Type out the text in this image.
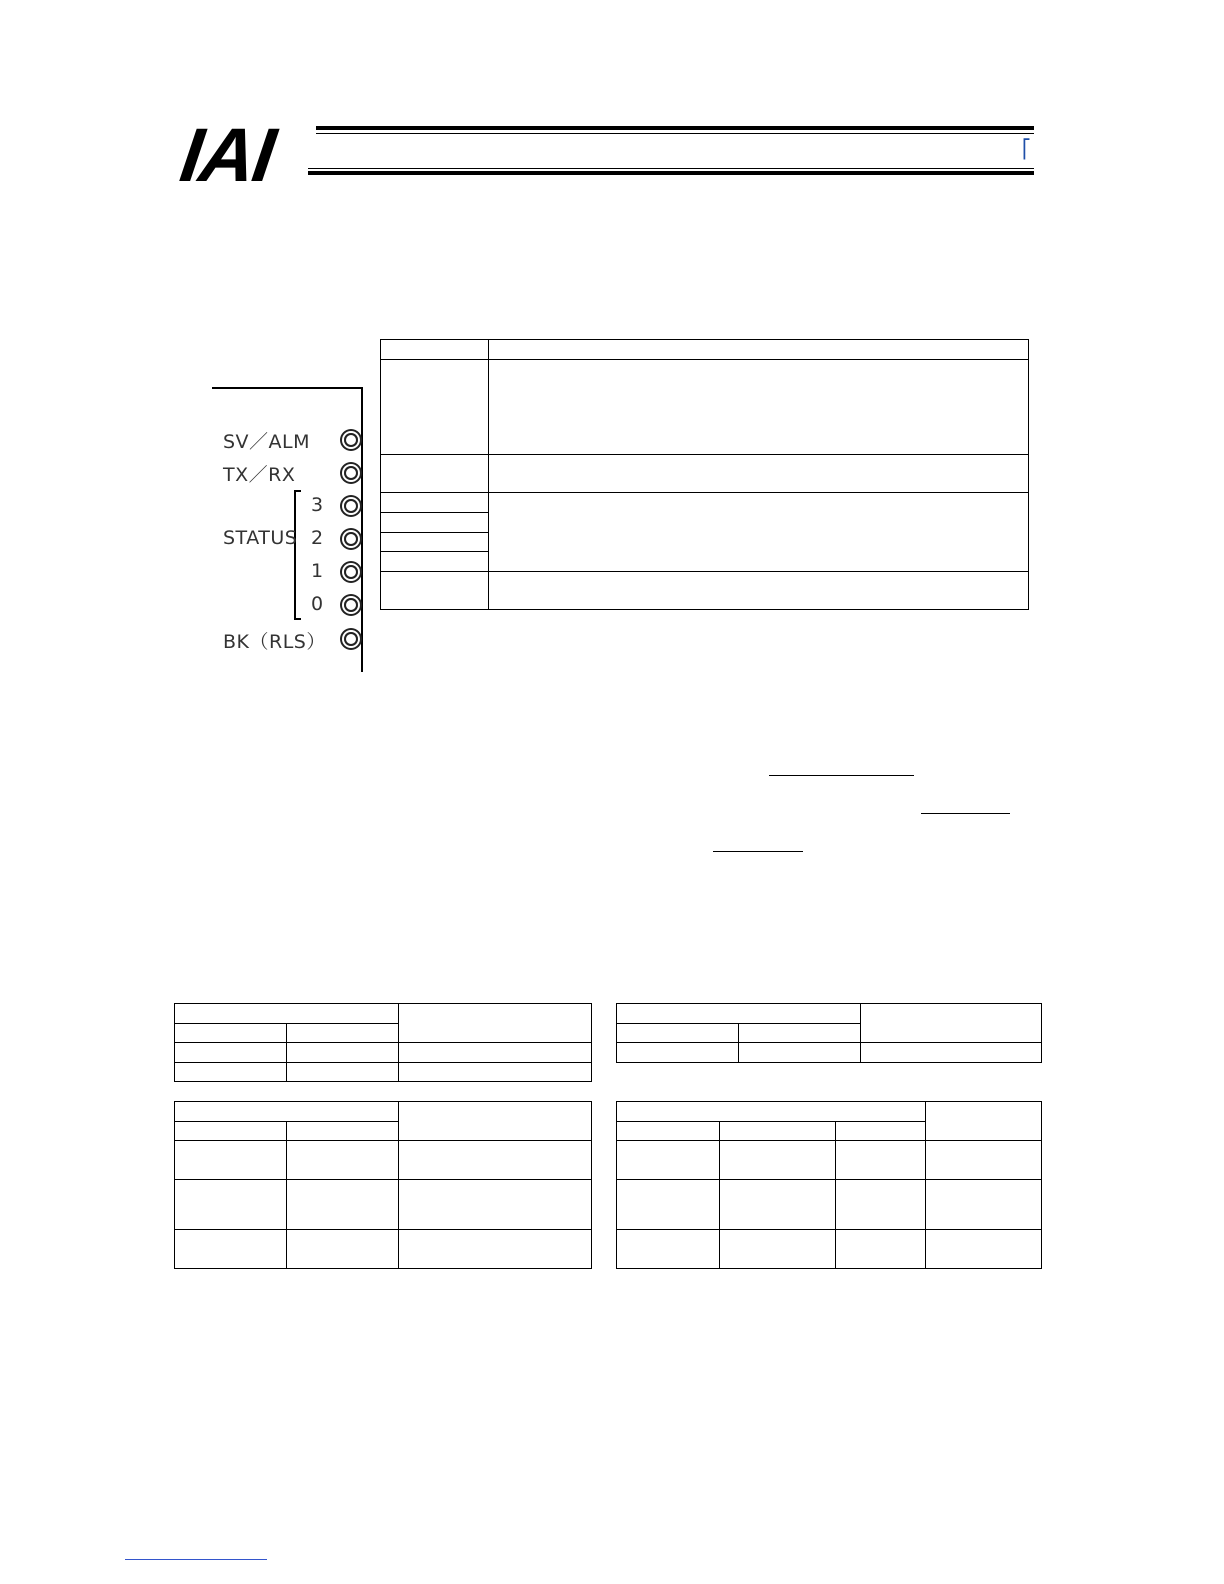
IAI	⎡
SV／ALM
TX／RX
STATUS
3
2
1
0
BK（RLS）
